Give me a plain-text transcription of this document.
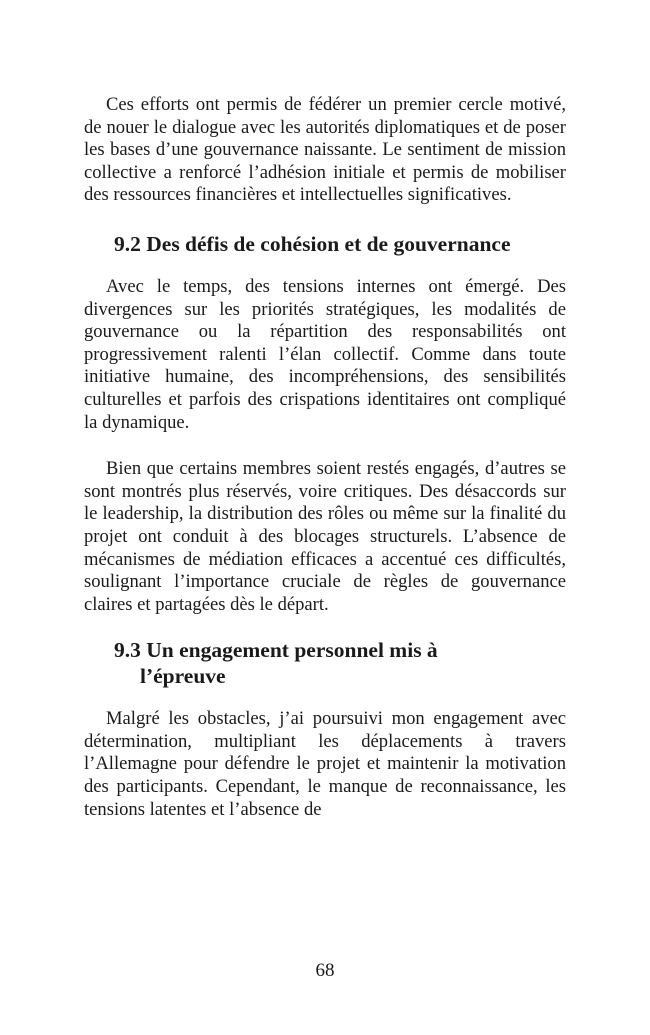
Ces efforts ont permis de fédérer un premier cercle motivé, de nouer le dialogue avec les autorités diplomatiques et de poser les bases d’une gouvernance naissante. Le sentiment de mission collective a renforcé l’adhésion initiale et permis de mobiliser des ressources financières et intellectuelles significatives.

9.2 Des défis de cohésion et de gouvernance

Avec le temps, des tensions internes ont émergé. Des divergences sur les priorités stratégiques, les modalités de gouvernance ou la répartition des responsabilités ont progressivement ralenti l’élan collectif. Comme dans toute initiative humaine, des incompréhensions, des sensibilités culturelles et parfois des crispations identitaires ont compliqué la dynamique.

Bien que certains membres soient restés engagés, d’autres se sont montrés plus réservés, voire critiques. Des désaccords sur le leadership, la distribution des rôles ou même sur la finalité du projet ont conduit à des blocages structurels. L’absence de mécanismes de médiation efficaces a accentué ces difficultés, soulignant l’importance cruciale de règles de gouvernance claires et partagées dès le départ.

9.3 Un engagement personnel mis à
l’épreuve

Malgré les obstacles, j’ai poursuivi mon engagement avec détermination, multipliant les déplacements à travers l’Allemagne pour défendre le projet et maintenir la motivation des participants. Cependant, le manque de reconnaissance, les tensions latentes et l’absence de

68
